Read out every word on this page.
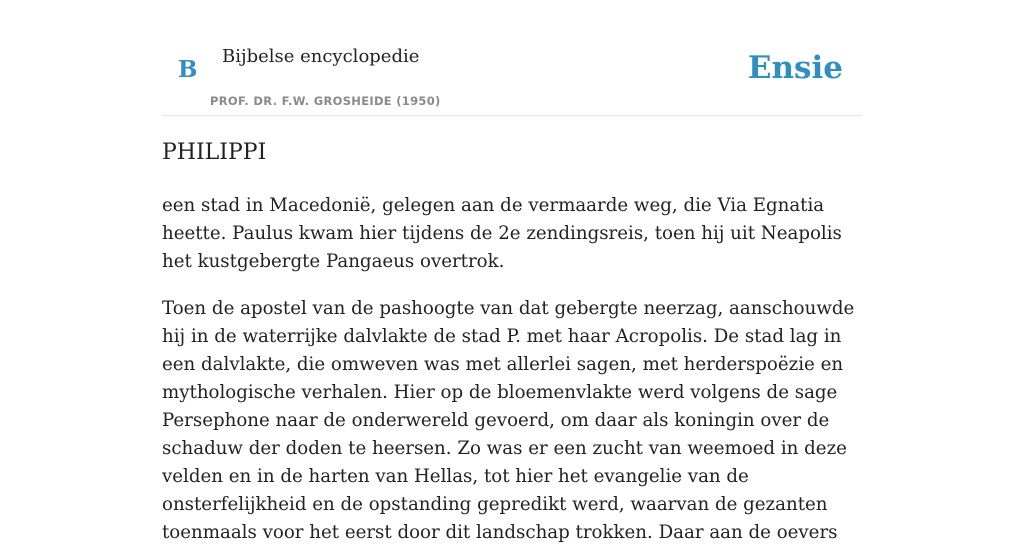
B Bijbelse encyclopedie
PROF. DR. F.W. GROSHEIDE (1950)
Ensie
PHILIPPI

een stad in Macedonië, gelegen aan de vermaarde weg, die Via Egnatia heette. Paulus kwam hier tijdens de 2e zendingsreis, toen hij uit Neapolis het kustgebergte Pangaeus overtrok.

Toen de apostel van de pashoogte van dat gebergte neerzag, aanschouwde hij in de waterrijke dalvlakte de stad P. met haar Acropolis. De stad lag in een dalvlakte, die omweven was met allerlei sagen, met herderspoëzie en mythologische verhalen. Hier op de bloemenvlakte werd volgens de sage Persephone naar de onderwereld gevoerd, om daar als koningin over de schaduw der doden te heersen. Zo was er een zucht van weemoed in deze velden en in de harten van Hellas, tot hier het evangelie van de onsterfelijkheid en de opstanding gepredikt werd, waarvan de gezanten toenmaals voor het eerst door dit landschap trokken. Daar aan de oevers
